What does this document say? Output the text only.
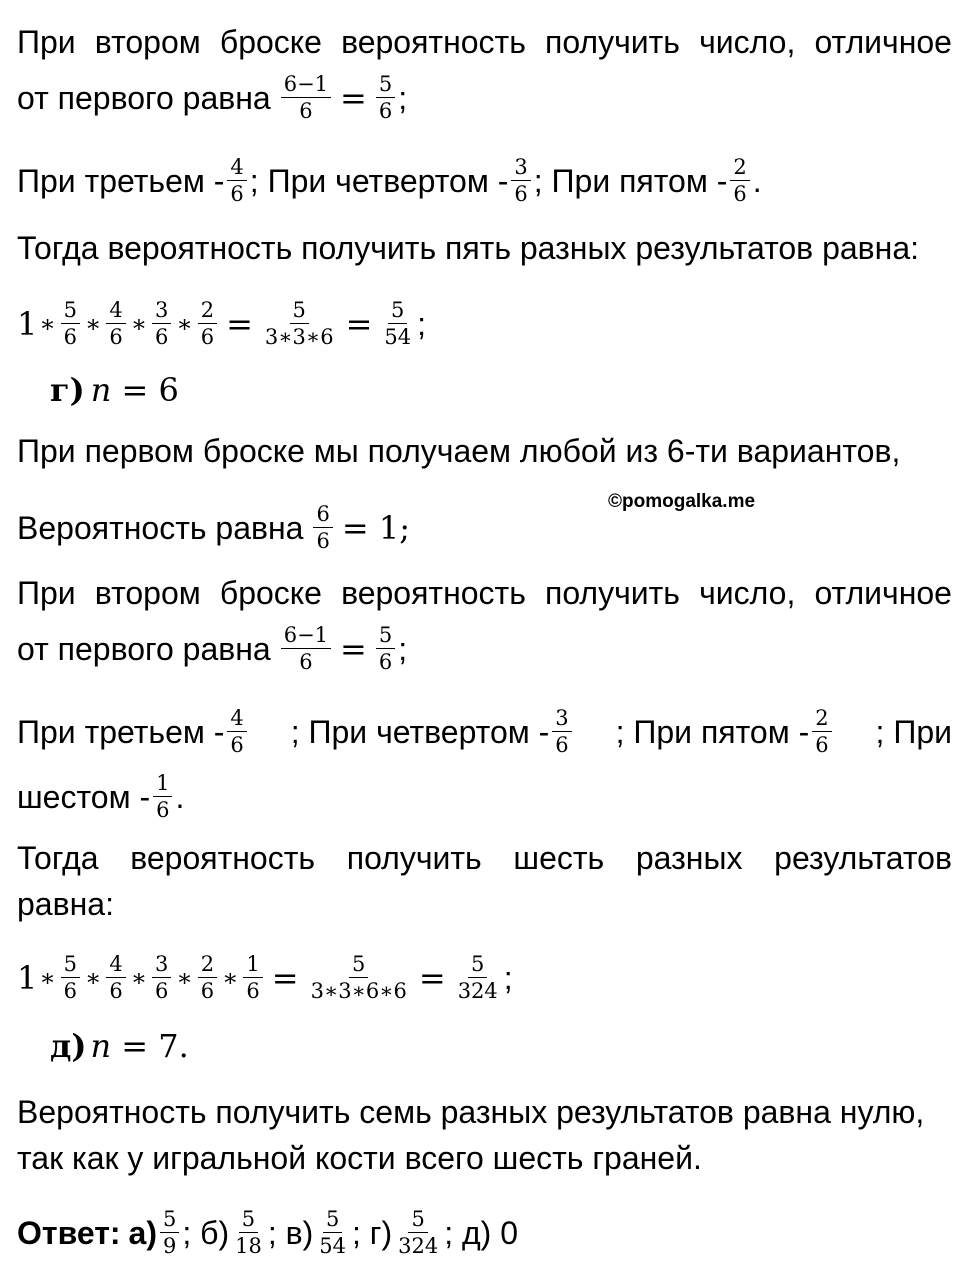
При втором броске вероятность получить число, отличное
от первого равна $\frac{6-1}{6} = \frac{5}{6}$ ;
При третьем - $\frac{4}{6}$ ; При четвертом - $\frac{3}{6}$ ; При пятом - $\frac{2}{6}$ .
Тогда вероятность получить пять разных результатов равна:
1 ∗ $\frac{5}{6}$ ∗ $\frac{4}{6}$ ∗ $\frac{3}{6}$ ∗ $\frac{2}{6} = \frac{5}{3∗3∗6} = \frac{5}{54}$ ;
г) n = 6
При первом броске мы получаем любой из 6-ти вариантов,
Вероятность равна $\frac{6}{6} = 1$;
©pomogalka.me
При втором броске вероятность получить число, отличное
от первого равна $\frac{6-1}{6} = \frac{5}{6}$ ;
При третьем - $\frac{4}{6}$ ; При четвертом - $\frac{3}{6}$ ; При пятом - $\frac{2}{6}$ ; При
шестом - $\frac{1}{6}$ .
Тогда вероятность получить шесть разных результатов
равна:
1 ∗ $\frac{5}{6}$ ∗ $\frac{4}{6}$ ∗ $\frac{3}{6}$ ∗ $\frac{2}{6}$ ∗ $\frac{1}{6} = \frac{5}{3∗3∗6∗6} = \frac{5}{324}$ ;
д) n = 7.
Вероятность получить семь разных результатов равна нулю,
так как у игральной кости всего шесть граней.
Ответ: $а) \frac{5}{9}$ ; $б) \frac{5}{18}$ ; $в) \frac{5}{54}$ ; $г) \frac{5}{324}$ ; д) 0
